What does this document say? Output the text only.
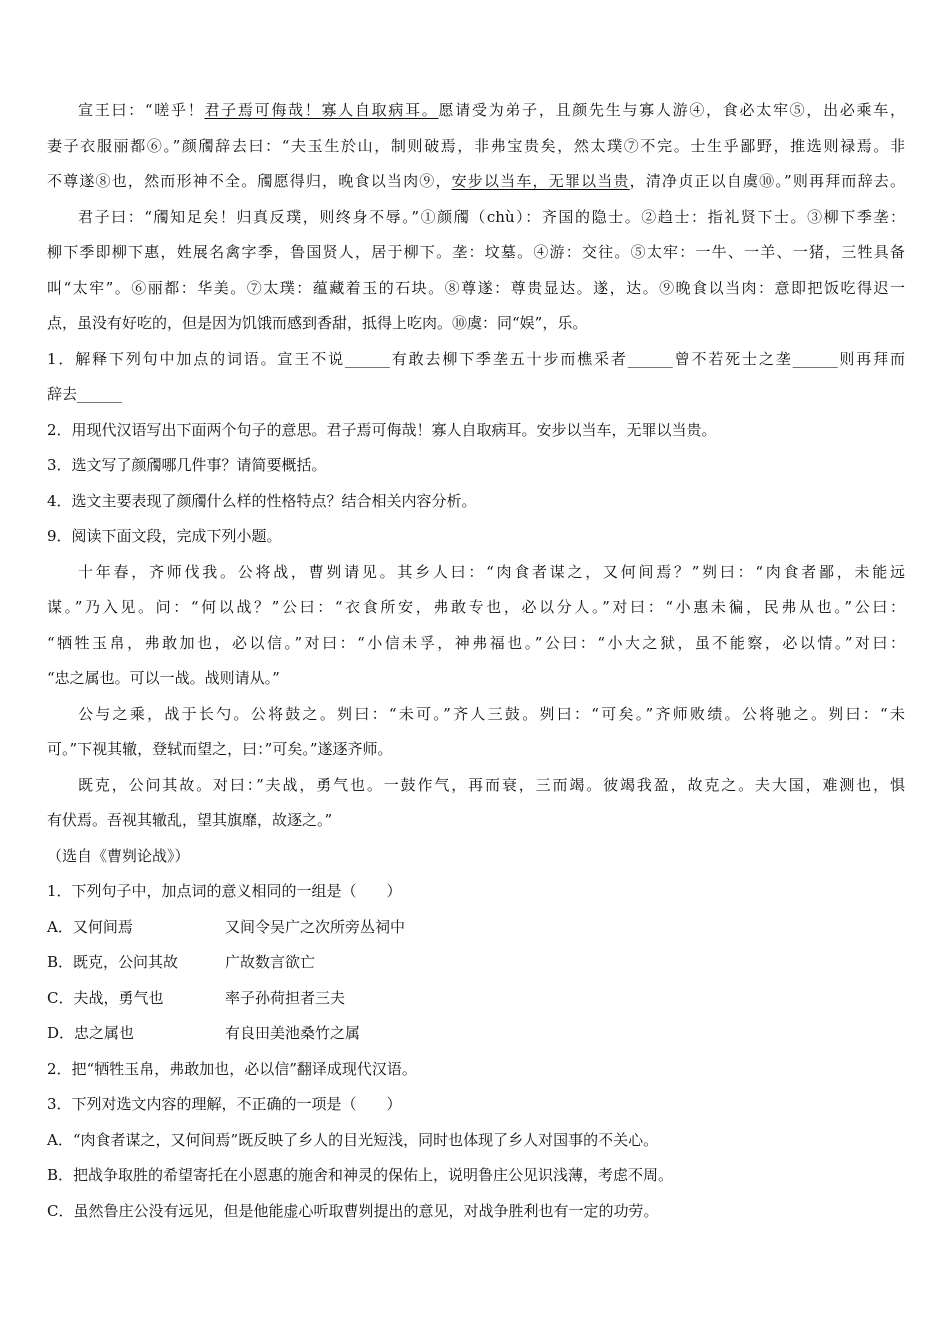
宣王曰：“嗟乎！君子焉可侮哉！寡人自取病耳。愿请受为弟子，且颜先生与寡人游④，食必太牢⑤，出必乘车，
妻子衣服丽都⑥。”颜斶辞去曰：“夫玉生於山，制则破焉，非弗宝贵矣，然太璞⑦不完。士生乎鄙野，推选则禄焉。非
不尊遂⑧也，然而形神不全。斶愿得归，晚食以当肉⑨，安步以当车，无罪以当贵，清净贞正以自虞⑩。”则再拜而辞去。
君子曰：“斶知足矣！归真反璞，则终身不辱。”①颜斶（chù）：齐国的隐士。②趋士：指礼贤下士。③柳下季垄：
柳下季即柳下惠，姓展名禽字季，鲁国贤人，居于柳下。垄：坟墓。④游：交往。⑤太牢：一牛、一羊、一猪，三牲具备
叫“太牢”。⑥丽都：华美。⑦太璞：蕴藏着玉的石块。⑧尊遂：尊贵显达。遂，达。⑨晚食以当肉：意即把饭吃得迟一
点，虽没有好吃的，但是因为饥饿而感到香甜，抵得上吃肉。⑩虞：同“娱”，乐。
1．解释下列句中加点的词语。宣王不说______有敢去柳下季垄五十步而樵采者______曾不若死士之垄______则再拜而
辞去______
2．用现代汉语写出下面两个句子的意思。君子焉可侮哉！寡人自取病耳。安步以当车，无罪以当贵。
3．选文写了颜斶哪几件事？请简要概括。
4．选文主要表现了颜斶什么样的性格特点？结合相关内容分析。
9．阅读下面文段，完成下列小题。
十年春，齐师伐我。公将战，曹刿请见。其乡人曰：“肉食者谋之，又何间焉？”刿曰：“肉食者鄙，未能远
谋。”乃入见。问：“何以战？”公曰：“衣食所安，弗敢专也，必以分人。”对曰：“小惠未徧，民弗从也。”公曰：
“牺牲玉帛，弗敢加也，必以信。”对曰：“小信未孚，神弗福也。”公曰：“小大之狱，虽不能察，必以情。”对曰：
“忠之属也。可以一战。战则请从。”
公与之乘，战于长勺。公将鼓之。刿曰：“未可。”齐人三鼓。刿曰：“可矣。”齐师败绩。公将驰之。刿曰：“未
可。”下视其辙，登轼而望之，曰：”可矣。”遂逐齐师。
既克，公问其故。对曰：”夫战，勇气也。一鼓作气，再而衰，三而竭。彼竭我盈，故克之。夫大国，难测也，惧
有伏焉。吾视其辙乱，望其旗靡，故逐之。”
（选自《曹刿论战》）
1．下列句子中，加点词的意义相同的一组是（　　）
A．又何间焉	又间令吴广之次所旁丛祠中
B．既克，公问其故	广故数言欲亡
C．夫战，勇气也	率子孙荷担者三夫
D．忠之属也	有良田美池桑竹之属
2．把“牺牲玉帛，弗敢加也，必以信”翻译成现代汉语。
3．下列对选文内容的理解，不正确的一项是（　　）
A．“肉食者谋之，又何间焉”既反映了乡人的目光短浅，同时也体现了乡人对国事的不关心。
B．把战争取胜的希望寄托在小恩惠的施舍和神灵的保佑上，说明鲁庄公见识浅薄，考虑不周。
C．虽然鲁庄公没有远见，但是他能虚心听取曹刿提出的意见，对战争胜利也有一定的功劳。
